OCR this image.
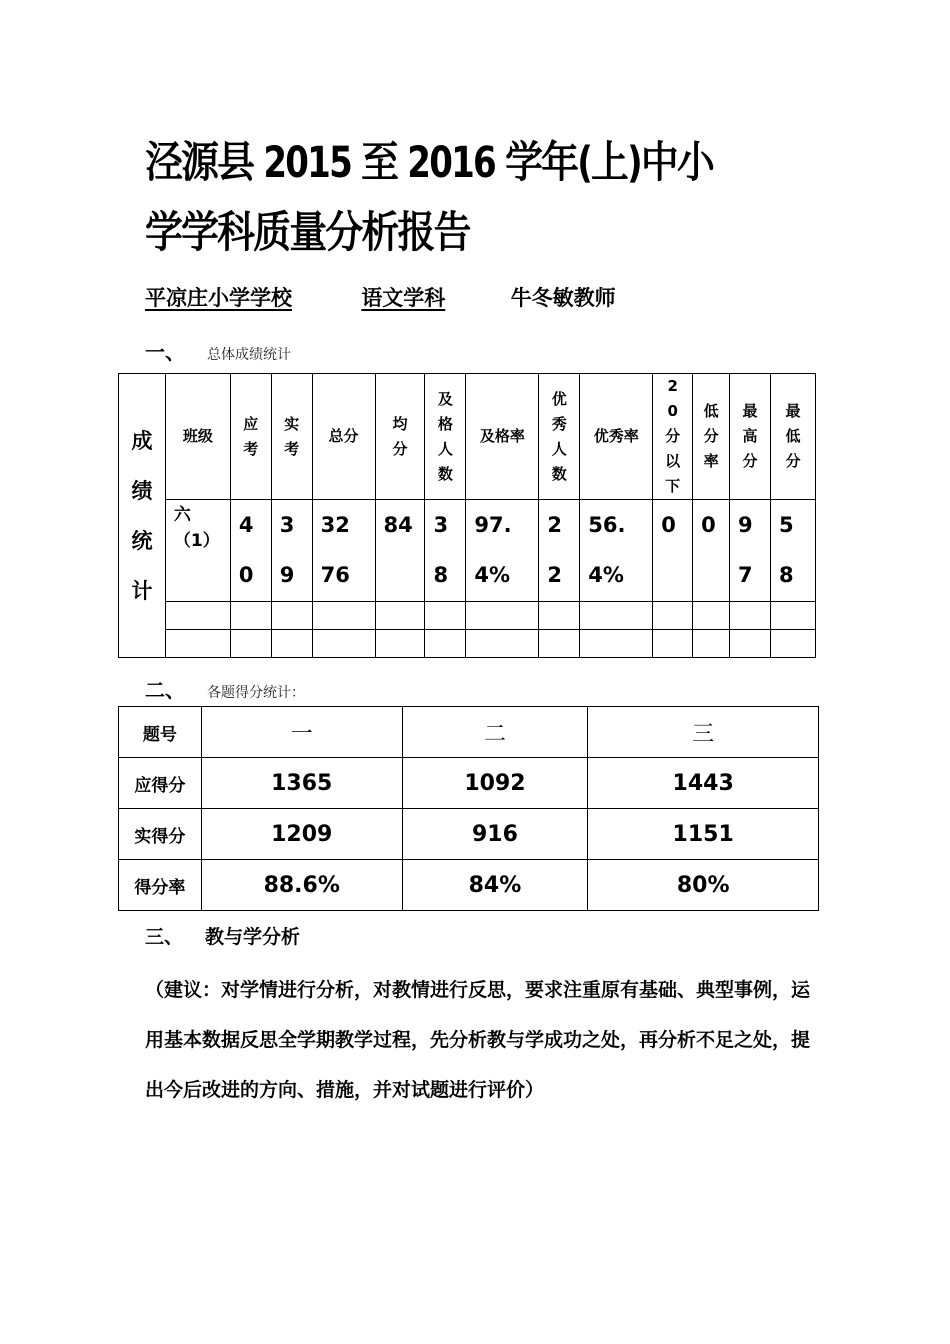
泾源县 2015 至 2016 学年(上)中小学学科质量分析报告
平凉庄小学学校	语文学科	牛冬敏教师
一、 总体成绩统计
成绩统计	班级	应考	实考	总分	均分	及格人数	及格率	优秀人数	优秀率	20分以下	低分率	最高分	最低分
	六（1）	40	39	3276	84	38	97.4%	22	56.4%	0	0	97	58

二、 各题得分统计：
题号	一	二	三
应得分	1365	1092	1443
实得分	1209	916	1151
得分率	88.6%	84%	80%
三、 教与学分析
（建议：对学情进行分析，对教情进行反思，要求注重原有基础、典型事例，运用基本数据反思全学期教学过程，先分析教与学成功之处，再分析不足之处，提出今后改进的方向、措施，并对试题进行评价）
